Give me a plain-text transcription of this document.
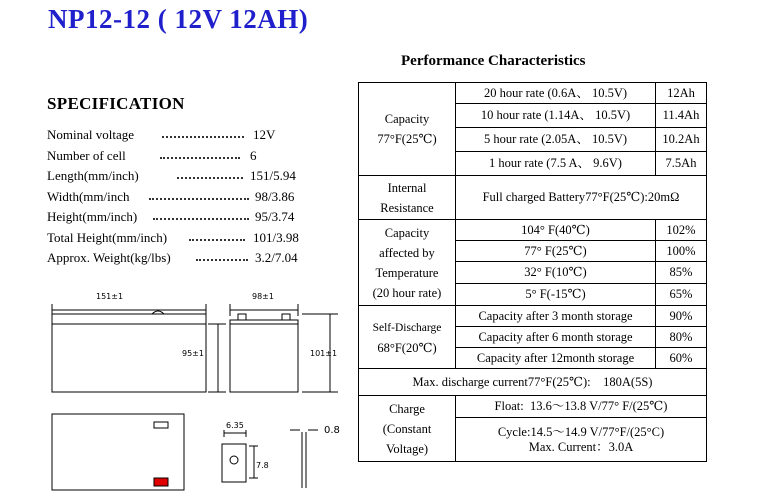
NP12-12 ( 12V 12AH)
SPECIFICATION
Nominal voltage	12V
Number of cell	6
Length(mm/inch)	151/5.94
Width(mm/inch	98/3.86
Height(mm/inch)	95/3.74
Total Height(mm/inch)	101/3.98
Approx. Weight(kg/lbs)	3.2/7.04
Performance Characteristics
Capacity
77°F(25℃)	20 hour rate (0.6A、 10.5V)	12Ah
	10 hour rate (1.14A、 10.5V)	11.4Ah
	5 hour rate (2.05A、 10.5V)	10.2Ah
	1 hour rate (7.5 A、 9.6V)	7.5Ah
Internal
Resistance	Full charged Battery77°F(25℃):20mΩ	
Capacity
affected by
Temperature
(20 hour rate)	104° F(40℃)	102%
	77° F(25℃)	100%
	32° F(10℃)	85%
	5° F(-15℃)	65%
Self-Discharge
68°F(20℃)	Capacity after 3 month storage	90%
	Capacity after 6 month storage	80%
	Capacity after 12month storage	60%
Max. discharge current77°F(25℃):    180A(5S)		
Charge
(Constant
Voltage)	Float:  13.6～13.8 V/77° F/(25℃)	
	Cycle:14.5～14.9 V/77°F/(25°C)
Max. Current：3.0A	
151±1
95±1
98±1
101±1
6.35
7.8
0.8
